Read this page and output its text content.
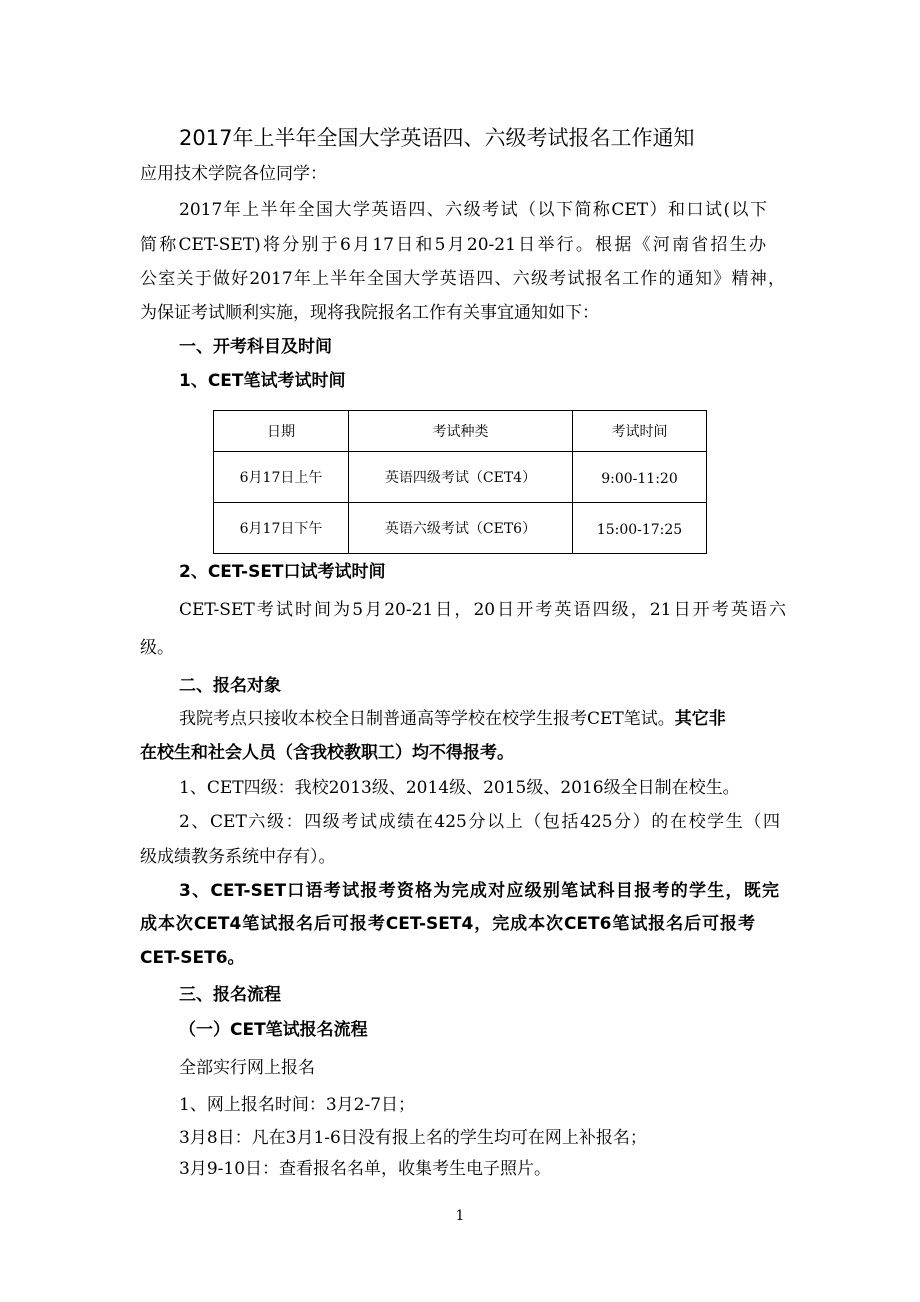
2017年上半年全国大学英语四、六级考试报名工作通知
应用技术学院各位同学：
2017年上半年全国大学英语四、六级考试（以下简称CET）和口试(以下
简称CET-SET)将分别于6月17日和5月20-21日举行。根据《河南省招生办
公室关于做好2017年上半年全国大学英语四、六级考试报名工作的通知》精神，
为保证考试顺利实施，现将我院报名工作有关事宜通知如下：
一、开考科目及时间
1、CET笔试考试时间
日期	考试种类	考试时间
6月17日上午	英语四级考试（CET4）	9:00-11:20
6月17日下午	英语六级考试（CET6）	15:00-17:25
2、CET-SET口试考试时间
CET-SET考试时间为5月20-21日，20日开考英语四级，21日开考英语六
级。
二、报名对象
我院考点只接收本校全日制普通高等学校在校学生报考CET笔试。其它非
在校生和社会人员（含我校教职工）均不得报考。
1、CET四级：我校2013级、2014级、2015级、2016级全日制在校生。
2、CET六级：四级考试成绩在425分以上（包括425分）的在校学生（四
级成绩教务系统中存有）。
3、CET-SET口语考试报考资格为完成对应级别笔试科目报考的学生，既完
成本次CET4笔试报名后可报考CET-SET4，完成本次CET6笔试报名后可报考
CET-SET6。
三、报名流程
（一）CET笔试报名流程
全部实行网上报名
1、网上报名时间：3月2-7日；
3月8日：凡在3月1-6日没有报上名的学生均可在网上补报名；
3月9-10日：查看报名名单，收集考生电子照片。
1
